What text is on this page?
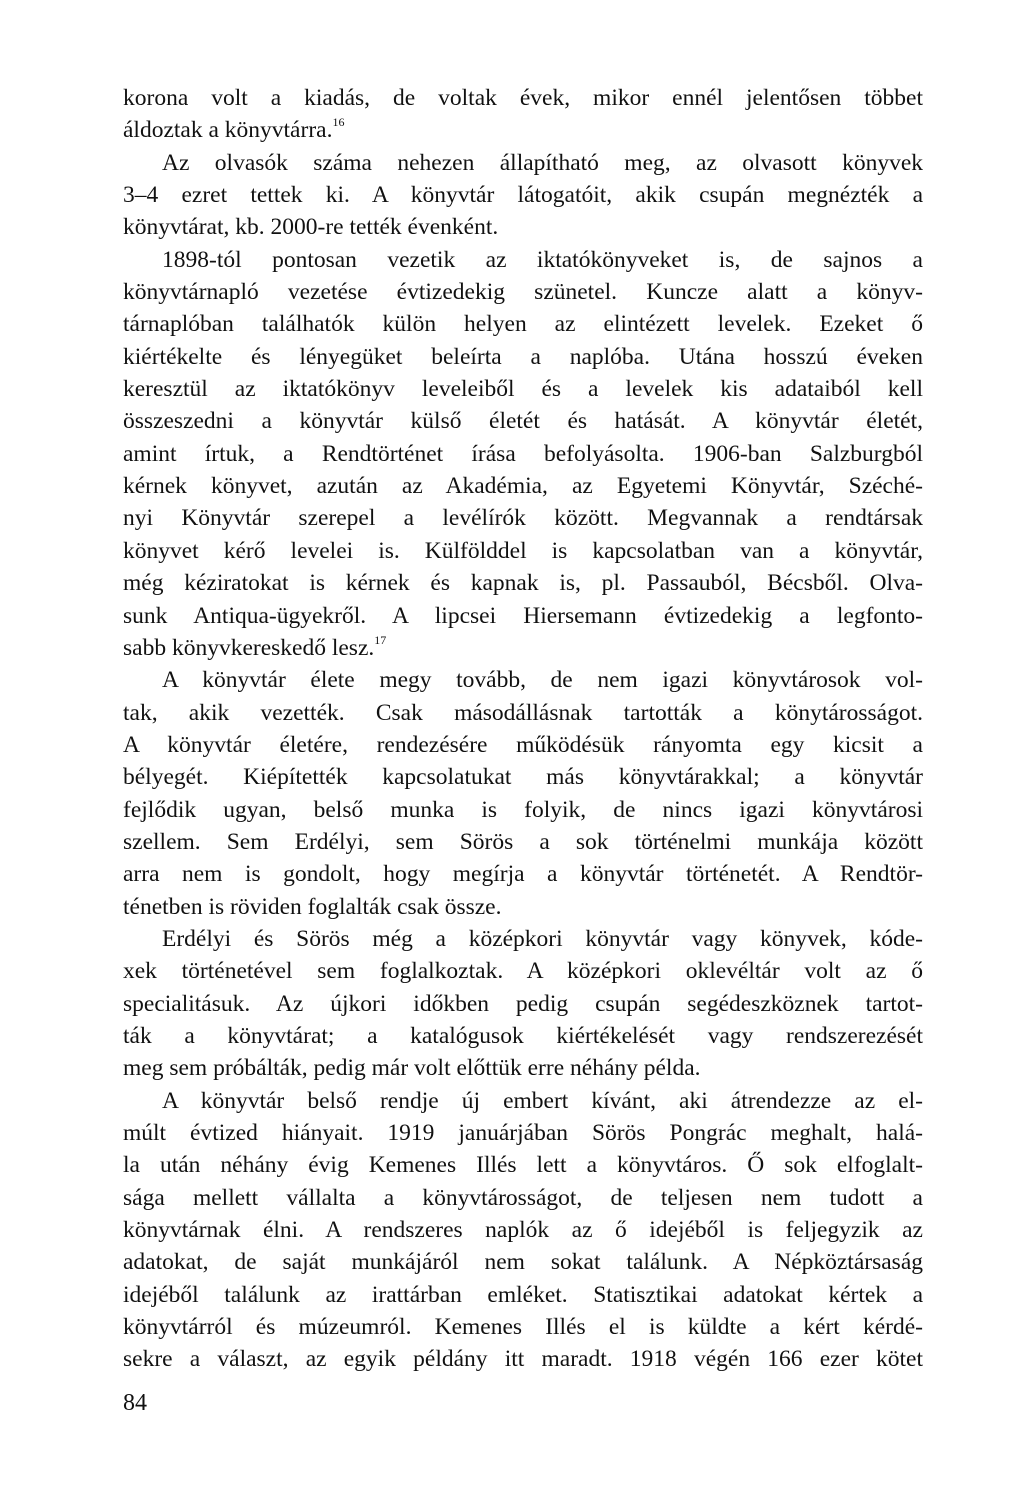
korona volt a kiadás, de voltak évek, mikor ennél jelentősen többet
áldoztak a könyvtárra.$^{16}$
Az olvasók száma nehezen állapítható meg, az olvasott könyvek
3–4 ezret tettek ki. A könyvtár látogatóit, akik csupán megnézték a
könyvtárat, kb. 2000-re tették évenként.
1898-tól pontosan vezetik az iktatókönyveket is, de sajnos a
könyvtárnapló vezetése évtizedekig szünetel. Kuncze alatt a könyv-
tárnaplóban találhatók külön helyen az elintézett levelek. Ezeket ő
kiértékelte és lényegüket beleírta a naplóba. Utána hosszú éveken
keresztül az iktatókönyv leveleiből és a levelek kis adataiból kell
összeszedni a könyvtár külső életét és hatását. A könyvtár életét,
amint írtuk, a Rendtörténet írása befolyásolta. 1906-ban Salzburgból
kérnek könyvet, azután az Akadémia, az Egyetemi Könyvtár, Széché-
nyi Könyvtár szerepel a levélírók között. Megvannak a rendtársak
könyvet kérő levelei is. Külfölddel is kapcsolatban van a könyvtár,
még kéziratokat is kérnek és kapnak is, pl. Passauból, Bécsből. Olva-
sunk Antiqua-ügyekről. A lipcsei Hiersemann évtizedekig a legfonto-
sabb könyvkereskedő lesz.$^{17}$
A könyvtár élete megy tovább, de nem igazi könyvtárosok vol-
tak, akik vezették. Csak másodállásnak tartották a könytárosságot.
A könyvtár életére, rendezésére működésük rányomta egy kicsit a
bélyegét. Kiépítették kapcsolatukat más könyvtárakkal; a könyvtár
fejlődik ugyan, belső munka is folyik, de nincs igazi könyvtárosi
szellem. Sem Erdélyi, sem Sörös a sok történelmi munkája között
arra nem is gondolt, hogy megírja a könyvtár történetét. A Rendtör-
ténetben is röviden foglalták csak össze.
Erdélyi és Sörös még a középkori könyvtár vagy könyvek, kóde-
xek történetével sem foglalkoztak. A középkori oklevéltár volt az ő
specialitásuk. Az újkori időkben pedig csupán segédeszköznek tartot-
ták a könyvtárat; a katalógusok kiértékelését vagy rendszerezését
meg sem próbálták, pedig már volt előttük erre néhány példa.
A könyvtár belső rendje új embert kívánt, aki átrendezze az el-
múlt évtized hiányait. 1919 januárjában Sörös Pongrác meghalt, halá-
la után néhány évig Kemenes Illés lett a könyvtáros. Ő sok elfoglalt-
sága mellett vállalta a könyvtárosságot, de teljesen nem tudott a
könyvtárnak élni. A rendszeres naplók az ő idejéből is feljegyzik az
adatokat, de saját munkájáról nem sokat találunk. A Népköztársaság
idejéből találunk az irattárban emléket. Statisztikai adatokat kértek a
könyvtárról és múzeumról. Kemenes Illés el is küldte a kért kérdé-
sekre a választ, az egyik példány itt maradt. 1918 végén 166 ezer kötet
84
